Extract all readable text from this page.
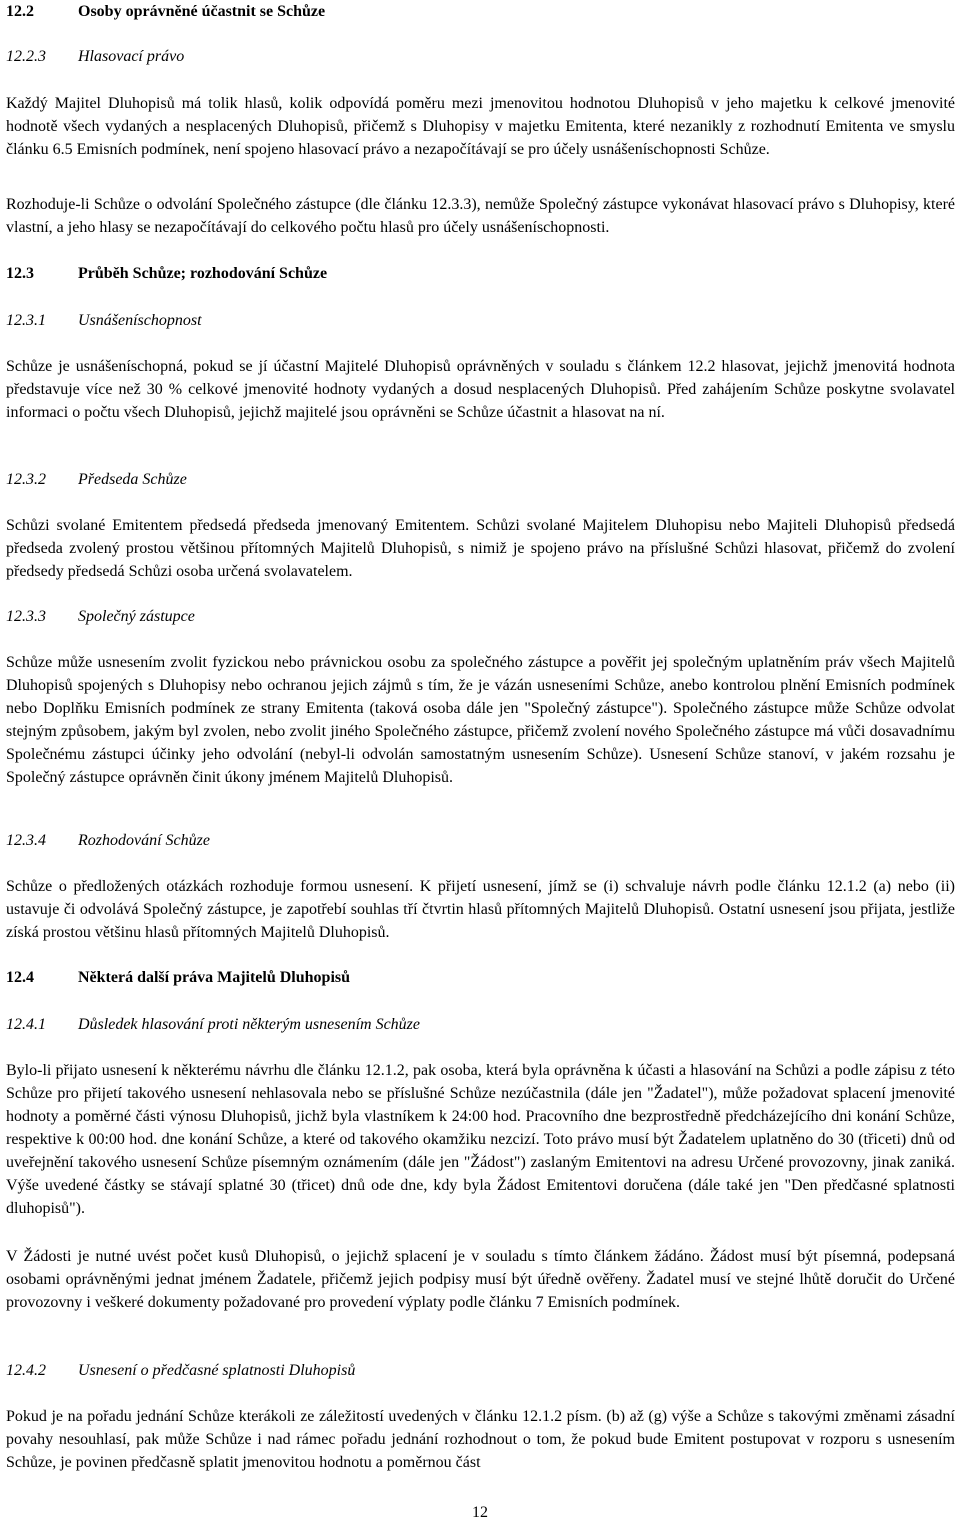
12.2	Osoby oprávněné účastnit se Schůze
12.2.3	Hlasovací právo

Každý Majitel Dluhopisů má tolik hlasů, kolik odpovídá poměru mezi jmenovitou hodnotou Dluhopisů v jeho majetku k celkové jmenovité hodnotě všech vydaných a nesplacených Dluhopisů, přičemž s Dluhopisy v majetku Emitenta, které nezanikly z rozhodnutí Emitenta ve smyslu článku 6.5 Emisních podmínek, není spojeno hlasovací právo a nezapočítávají se pro účely usnášeníschopnosti Schůze.

Rozhoduje-li Schůze o odvolání Společného zástupce (dle článku 12.3.3), nemůže Společný zástupce vykonávat hlasovací právo s Dluhopisy, které vlastní, a jeho hlasy se nezapočítávají do celkového počtu hlasů pro účely usnášeníschopnosti.

12.3	Průběh Schůze; rozhodování Schůze
12.3.1	Usnášeníschopnost

Schůze je usnášeníschopná, pokud se jí účastní Majitelé Dluhopisů oprávněných v souladu s článkem 12.2 hlasovat, jejichž jmenovitá hodnota představuje více než 30 % celkové jmenovité hodnoty vydaných a dosud nesplacených Dluhopisů. Před zahájením Schůze poskytne svolavatel informaci o počtu všech Dluhopisů, jejichž majitelé jsou oprávněni se Schůze účastnit a hlasovat na ní.

12.3.2	Předseda Schůze

Schůzi svolané Emitentem předsedá předseda jmenovaný Emitentem. Schůzi svolané Majitelem Dluhopisu nebo Majiteli Dluhopisů předsedá předseda zvolený prostou většinou přítomných Majitelů Dluhopisů, s nimiž je spojeno právo na příslušné Schůzi hlasovat, přičemž do zvolení předsedy předsedá Schůzi osoba určená svolavatelem.

12.3.3	Společný zástupce

Schůze může usnesením zvolit fyzickou nebo právnickou osobu za společného zástupce a pověřit jej společným uplatněním práv všech Majitelů Dluhopisů spojených s Dluhopisy nebo ochranou jejich zájmů s tím, že je vázán usneseními Schůze, anebo kontrolou plnění Emisních podmínek nebo Doplňku Emisních podmínek ze strany Emitenta (taková osoba dále jen "Společný zástupce"). Společného zástupce může Schůze odvolat stejným způsobem, jakým byl zvolen, nebo zvolit jiného Společného zástupce, přičemž zvolení nového Společného zástupce má vůči dosavadnímu Společnému zástupci účinky jeho odvolání (nebyl-li odvolán samostatným usnesením Schůze). Usnesení Schůze stanoví, v jakém rozsahu je Společný zástupce oprávněn činit úkony jménem Majitelů Dluhopisů.

12.3.4	Rozhodování Schůze

Schůze o předložených otázkách rozhoduje formou usnesení. K přijetí usnesení, jímž se (i) schvaluje návrh podle článku 12.1.2 (a) nebo (ii) ustavuje či odvolává Společný zástupce, je zapotřebí souhlas tří čtvrtin hlasů přítomných Majitelů Dluhopisů. Ostatní usnesení jsou přijata, jestliže získá prostou většinu hlasů přítomných Majitelů Dluhopisů.

12.4	Některá další práva Majitelů Dluhopisů
12.4.1	Důsledek hlasování proti některým usnesením Schůze

Bylo-li přijato usnesení k některému návrhu dle článku 12.1.2, pak osoba, která byla oprávněna k účasti a hlasování na Schůzi a podle zápisu z této Schůze pro přijetí takového usnesení nehlasovala nebo se příslušné Schůze nezúčastnila (dále jen "Žadatel"), může požadovat splacení jmenovité hodnoty a poměrné části výnosu Dluhopisů, jichž byla vlastníkem k 24:00 hod. Pracovního dne bezprostředně předcházejícího dni konání Schůze, respektive k 00:00 hod. dne konání Schůze, a které od takového okamžiku nezcizí. Toto právo musí být Žadatelem uplatněno do 30 (třiceti) dnů od uveřejnění takového usnesení Schůze písemným oznámením (dále jen "Žádost") zaslaným Emitentovi na adresu Určené provozovny, jinak zaniká. Výše uvedené částky se stávají splatné 30 (třicet) dnů ode dne, kdy byla Žádost Emitentovi doručena (dále také jen "Den předčasné splatnosti dluhopisů").

V Žádosti je nutné uvést počet kusů Dluhopisů, o jejichž splacení je v souladu s tímto článkem žádáno. Žádost musí být písemná, podepsaná osobami oprávněnými jednat jménem Žadatele, přičemž jejich podpisy musí být úředně ověřeny. Žadatel musí ve stejné lhůtě doručit do Určené provozovny i veškeré dokumenty požadované pro provedení výplaty podle článku 7 Emisních podmínek.

12.4.2	Usnesení o předčasné splatnosti Dluhopisů

Pokud je na pořadu jednání Schůze kterákoli ze záležitostí uvedených v článku 12.1.2 písm. (b) až (g) výše a Schůze s takovými změnami zásadní povahy nesouhlasí, pak může Schůze i nad rámec pořadu jednání rozhodnout o tom, že pokud bude Emitent postupovat v rozporu s usnesením Schůze, je povinen předčasně splatit jmenovitou hodnotu a poměrnou část

12
